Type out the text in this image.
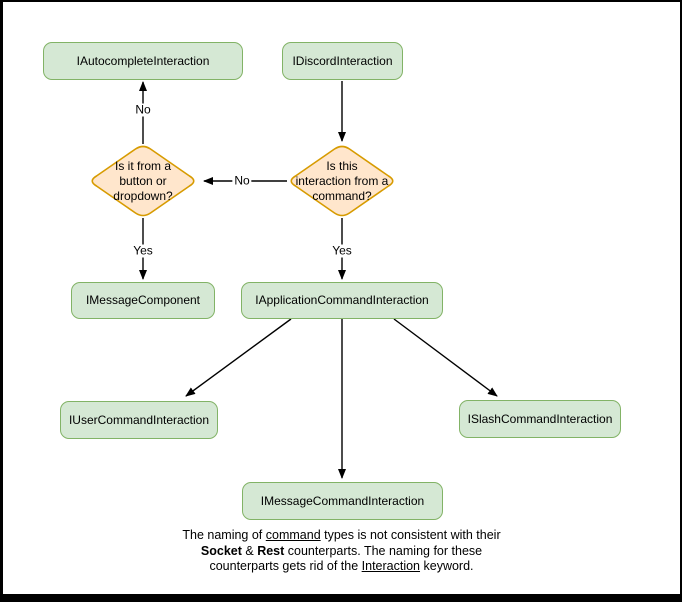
IAutocompleteInteraction	IDiscordInteraction
Is it from a
button or
dropdown?
Is this
interaction from a
command?
IMessageComponent	IApplicationCommandInteraction
IUserCommandInteraction	ISlashCommandInteraction
IMessageCommandInteraction
No
No
Yes	Yes
The naming of command types is not consistent with their
Socket & Rest counterparts. The naming for these
counterparts gets rid of the Interaction keyword.
